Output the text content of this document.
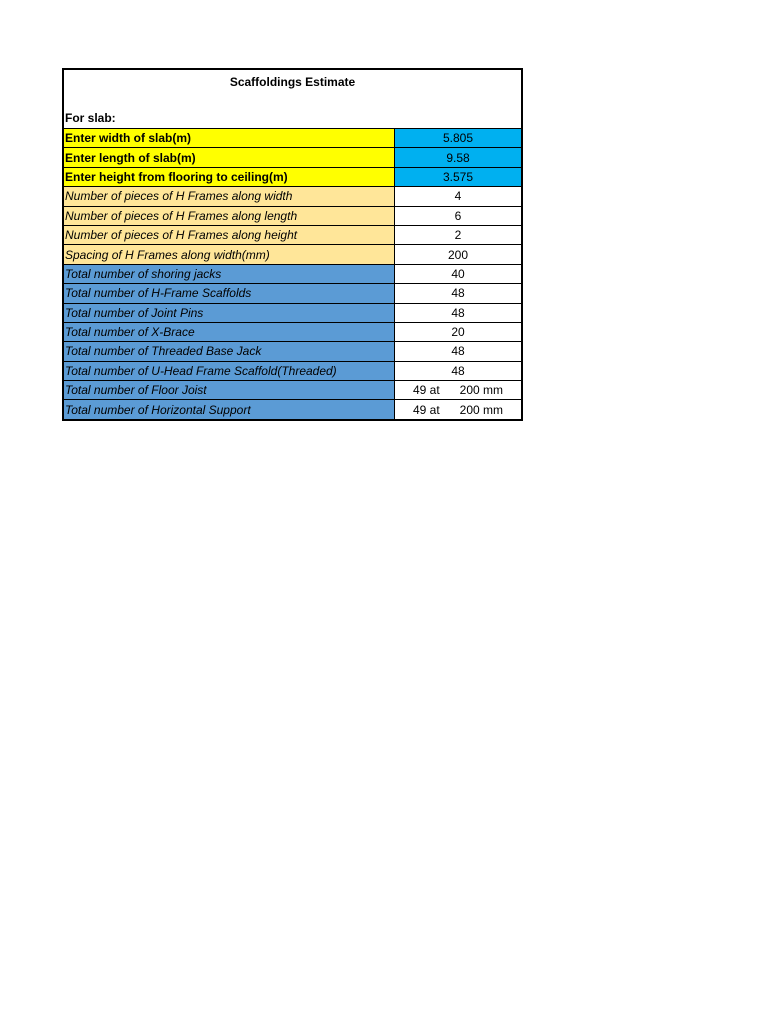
Scaffoldings Estimate
For slab:
Enter width of slab(m)	5.805
Enter length of slab(m)	9.58
Enter height from flooring to ceiling(m)	3.575
Number of pieces of H Frames along width	4
Number of pieces of H Frames along length	6
Number of pieces of H Frames along height	2
Spacing of H Frames along width(mm)	200
Total number of shoring jacks	40
Total number of H-Frame Scaffolds	48
Total number of Joint Pins	48
Total number of X-Brace	20
Total number of Threaded Base Jack	48
Total number of U-Head Frame Scaffold(Threaded)	48
Total number of Floor Joist	49 at 200 mm

Total number of Horizontal Support	49 at 200 mm
